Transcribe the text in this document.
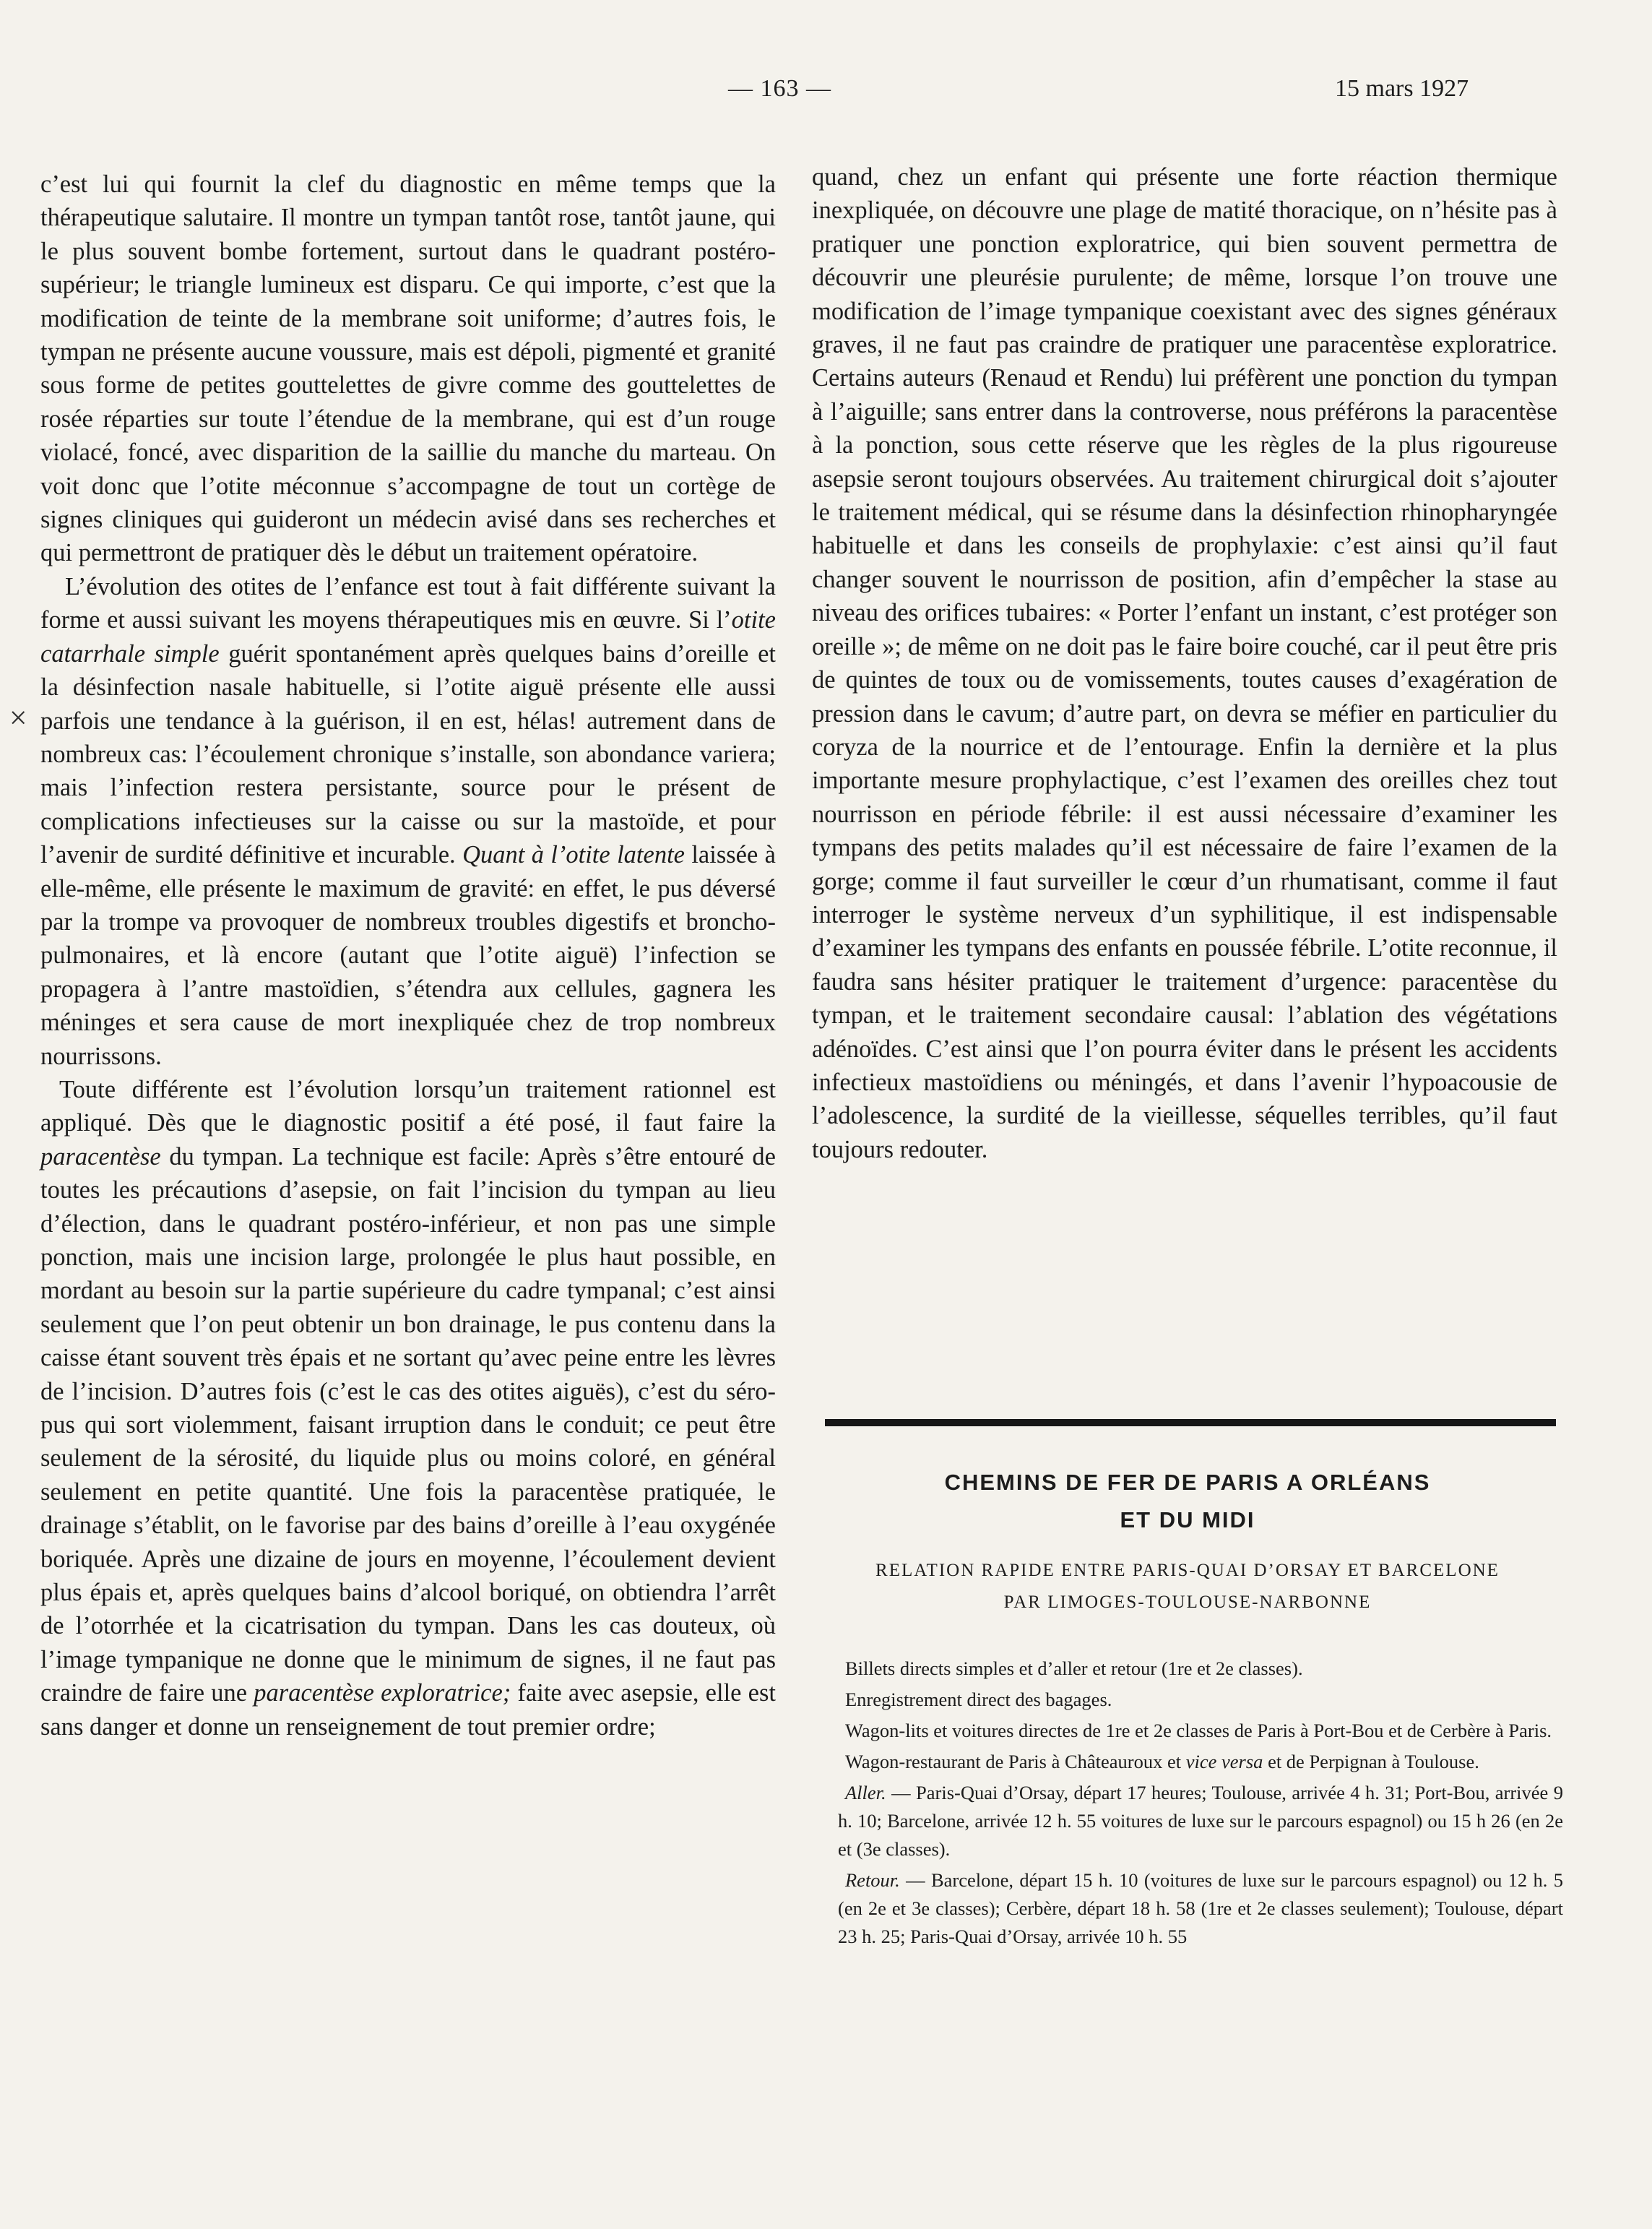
— 163 —	15 mars 1927
×

c’est lui qui fournit la clef du diagnostic en même temps que la thérapeutique salutaire. Il montre un tympan tantôt rose, tantôt jaune, qui le plus souvent bombe fortement, surtout dans le quadrant postéro-supérieur; le triangle lumineux est disparu. Ce qui importe, c’est que la modification de teinte de la membrane soit uniforme; d’autres fois, le tympan ne présente aucune voussure, mais est dépoli, pigmenté et granité sous forme de petites gouttelettes de givre comme des gouttelettes de rosée réparties sur toute l’étendue de la membrane, qui est d’un rouge violacé, foncé, avec disparition de la saillie du manche du marteau. On voit donc que l’otite méconnue s’accompagne de tout un cortège de signes cliniques qui guideront un médecin avisé dans ses recherches et qui permettront de pratiquer dès le début un traitement opératoire.

L’évolution des otites de l’enfance est tout à fait différente suivant la forme et aussi suivant les moyens thérapeutiques mis en œuvre. Si l’otite catarrhale simple guérit spontanément après quelques bains d’oreille et la désinfection nasale habituelle, si l’otite aiguë présente elle aussi parfois une tendance à la guérison, il en est, hélas! autrement dans de nombreux cas: l’écoulement chronique s’installe, son abondance variera; mais l’infection restera persistante, source pour le présent de complications infectieuses sur la caisse ou sur la mastoïde, et pour l’avenir de surdité définitive et incurable. Quant à l’otite latente laissée à elle-même, elle présente le maximum de gravité: en effet, le pus déversé par la trompe va provoquer de nombreux troubles digestifs et broncho-pulmonaires, et là encore (autant que l’otite aiguë) l’infection se propagera à l’antre mastoïdien, s’étendra aux cellules, gagnera les méninges et sera cause de mort inexpliquée chez de trop nombreux nourrissons.

Toute différente est l’évolution lorsqu’un traitement rationnel est appliqué. Dès que le diagnostic positif a été posé, il faut faire la paracentèse du tympan. La technique est facile: Après s’être entouré de toutes les précautions d’asepsie, on fait l’incision du tympan au lieu d’élection, dans le quadrant postéro-inférieur, et non pas une simple ponction, mais une incision large, prolongée le plus haut possible, en mordant au besoin sur la partie supérieure du cadre tympanal; c’est ainsi seulement que l’on peut obtenir un bon drainage, le pus contenu dans la caisse étant souvent très épais et ne sortant qu’avec peine entre les lèvres de l’incision. D’autres fois (c’est le cas des otites aiguës), c’est du séro-pus qui sort violemment, faisant irruption dans le conduit; ce peut être seulement de la sérosité, du liquide plus ou moins coloré, en général seulement en petite quantité. Une fois la paracentèse pratiquée, le drainage s’établit, on le favorise par des bains d’oreille à l’eau oxygénée boriquée. Après une dizaine de jours en moyenne, l’écoulement devient plus épais et, après quelques bains d’alcool boriqué, on obtiendra l’arrêt de l’otorrhée et la cicatrisation du tympan. Dans les cas douteux, où l’image tympanique ne donne que le minimum de signes, il ne faut pas craindre de faire une paracentèse exploratrice; faite avec asepsie, elle est sans danger et donne un renseignement de tout premier ordre;

quand, chez un enfant qui présente une forte réaction thermique inexpliquée, on découvre une plage de matité thoracique, on n’hésite pas à pratiquer une ponction exploratrice, qui bien souvent permettra de découvrir une pleurésie purulente; de même, lorsque l’on trouve une modification de l’image tympanique coexistant avec des signes généraux graves, il ne faut pas craindre de pratiquer une paracentèse exploratrice. Certains auteurs (Renaud et Rendu) lui préfèrent une ponction du tympan à l’aiguille; sans entrer dans la controverse, nous préférons la paracentèse à la ponction, sous cette réserve que les règles de la plus rigoureuse asepsie seront toujours observées. Au traitement chirurgical doit s’ajouter le traitement médical, qui se résume dans la désinfection rhinopharyngée habituelle et dans les conseils de prophylaxie: c’est ainsi qu’il faut changer souvent le nourrisson de position, afin d’empêcher la stase au niveau des orifices tubaires: « Porter l’enfant un instant, c’est protéger son oreille »; de même on ne doit pas le faire boire couché, car il peut être pris de quintes de toux ou de vomissements, toutes causes d’exagération de pression dans le cavum; d’autre part, on devra se méfier en particulier du coryza de la nourrice et de l’entourage. Enfin la dernière et la plus importante mesure prophylactique, c’est l’examen des oreilles chez tout nourrisson en période fébrile: il est aussi nécessaire d’examiner les tympans des petits malades qu’il est nécessaire de faire l’examen de la gorge; comme il faut surveiller le cœur d’un rhumatisant, comme il faut interroger le système nerveux d’un syphilitique, il est indispensable d’examiner les tympans des enfants en poussée fébrile. L’otite reconnue, il faudra sans hésiter pratiquer le traitement d’urgence: paracentèse du tympan, et le traitement secondaire causal: l’ablation des végétations adénoïdes. C’est ainsi que l’on pourra éviter dans le présent les accidents infectieux mastoïdiens ou méningés, et dans l’avenir l’hypoacousie de l’adolescence, la surdité de la vieillesse, séquelles terribles, qu’il faut toujours redouter.

CHEMINS DE FER DE PARIS A ORLÉANS
ET DU MIDI

RELATION RAPIDE ENTRE PARIS-QUAI D’ORSAY ET BARCELONE
PAR LIMOGES-TOULOUSE-NARBONNE

Billets directs simples et d’aller et retour (1re et 2e classes).

Enregistrement direct des bagages.

Wagon-lits et voitures directes de 1re et 2e classes de Paris à Port-Bou et de Cerbère à Paris.

Wagon-restaurant de Paris à Châteauroux et vice versa et de Perpignan à Toulouse.

Aller. — Paris-Quai d’Orsay, départ 17 heures; Toulouse, arrivée 4 h. 31; Port-Bou, arrivée 9 h. 10; Barcelone, arrivée 12 h. 55 voitures de luxe sur le parcours espagnol) ou 15 h 26 (en 2e et (3e classes).

Retour. — Barcelone, départ 15 h. 10 (voitures de luxe sur le parcours espagnol) ou 12 h. 5 (en 2e et 3e classes); Cerbère, départ 18 h. 58 (1re et 2e classes seulement); Toulouse, départ 23 h. 25; Paris-Quai d’Orsay, arrivée 10 h. 55
